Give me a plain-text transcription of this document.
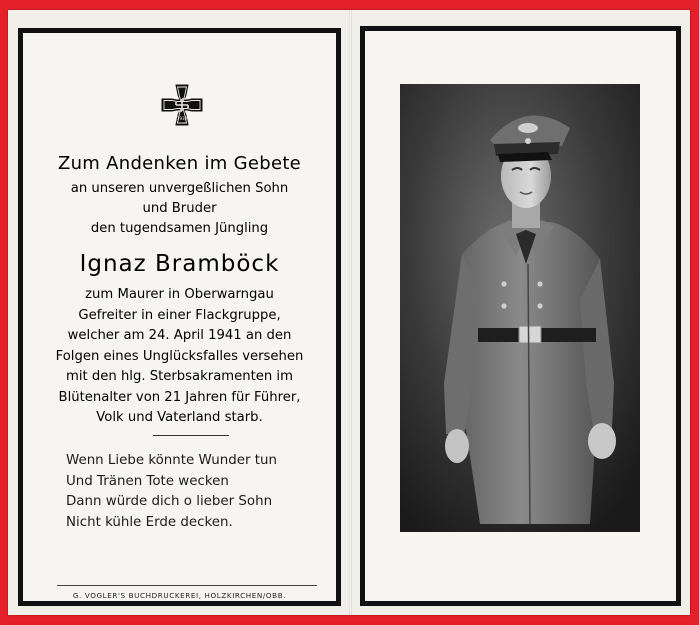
1939
Zum Andenken im Gebete
an unseren unvergeßlichen Sohn
und Bruder
den tugendsamen Jüngling
Ignaz Bramböck
zum Maurer in Oberwarngau
Gefreiter in einer Flackgruppe,
welcher am 24. April 1941 an den
Folgen eines Unglücksfalles versehen
mit den hlg. Sterbsakramenten im
Blütenalter von 21 Jahren für Führer,
Volk und Vaterland starb.
Wenn Liebe könnte Wunder tun
Und Tränen Tote wecken
Dann würde dich o lieber Sohn
Nicht kühle Erde decken.
G. VOGLER'S BUCHDRUCKEREI, HOLZKIRCHEN/OBB.
